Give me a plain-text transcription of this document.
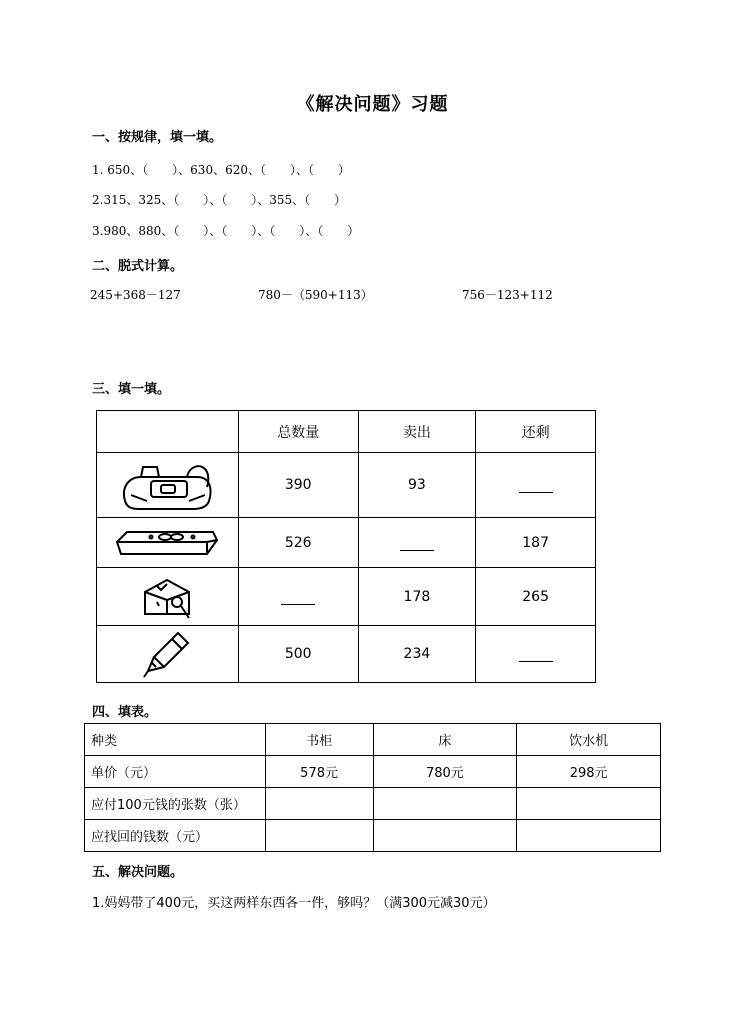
《解决问题》习题
一、按规律，填一填。
1. 650、（　　）、630、620、（　　）、（　　）
2.315、325、（　　）、（　　）、355、（　　）
3.980、880、（　　）、（　　）、（　　）、（　　）
二、脱式计算。
245+368－127	780－（590+113）	756－123+112
三、填一填。
	总数量	卖出	还剩

	390	93	

	526		187

		178	265

	500	234	
四、填表。
种类	书柜	床	饮水机
单价（元）	578元	780元	298元
应付100元钱的张数（张）			
应找回的钱数（元）			
五、解决问题。
1.妈妈带了400元，买这两样东西各一件，够吗？（满300元减30元）
